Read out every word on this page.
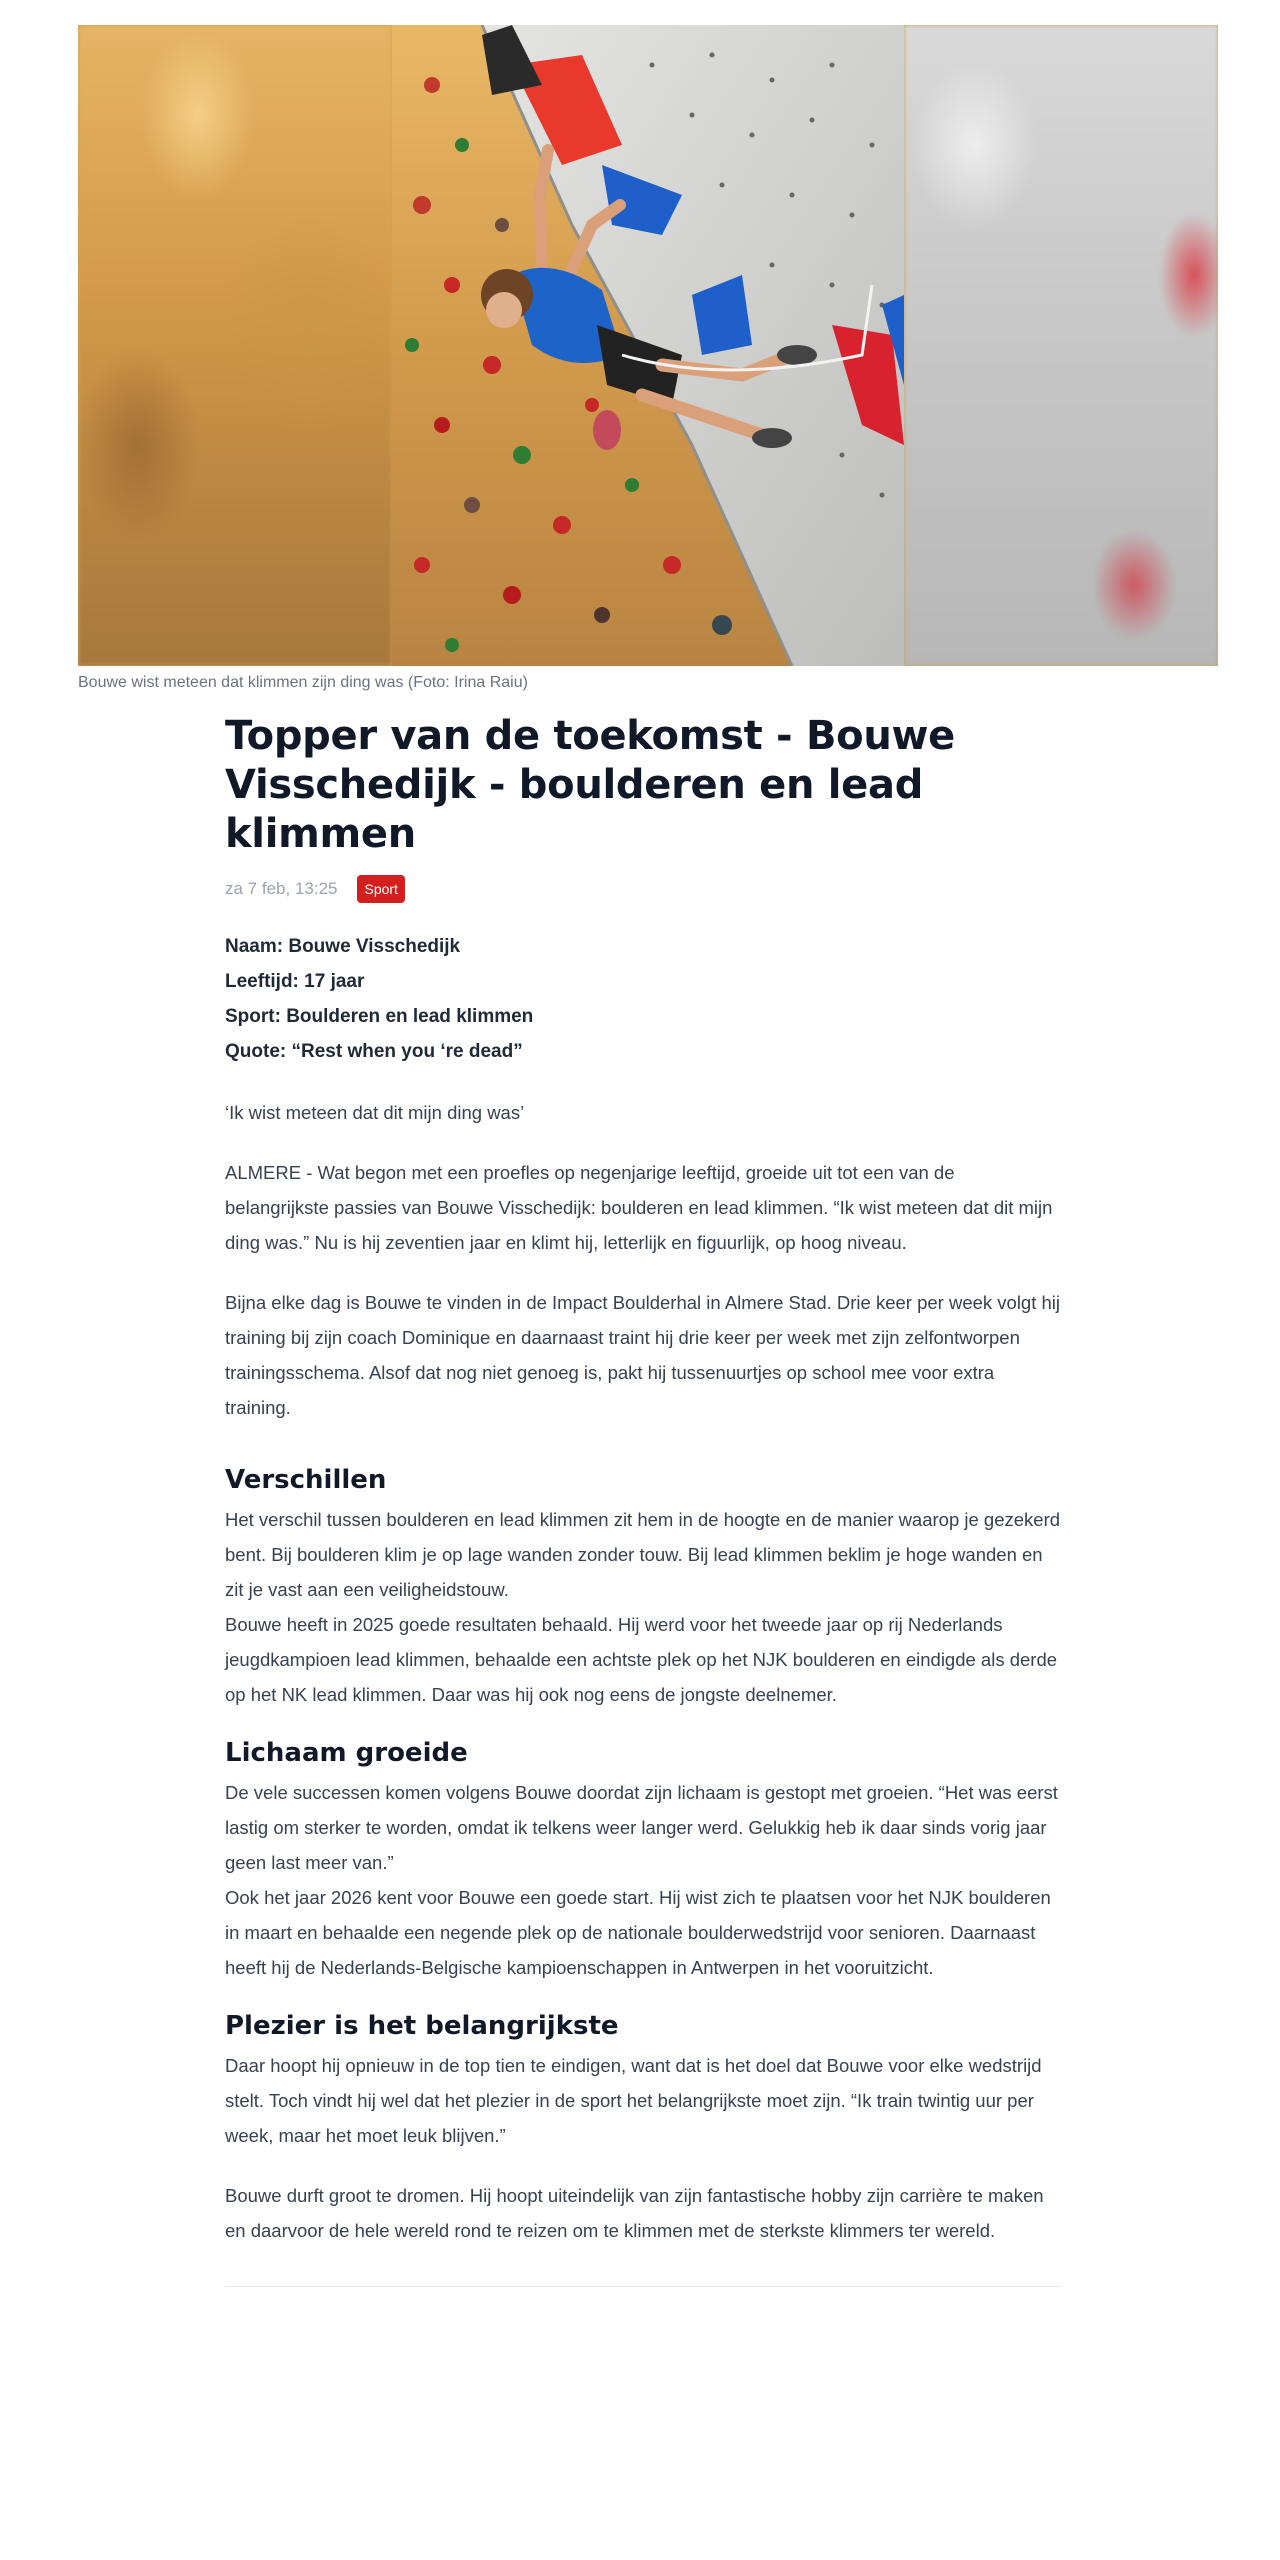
Bouwe wist meteen dat klimmen zijn ding was (Foto: Irina Raiu)

Topper van de toekomst - Bouwe Visschedijk - boulderen en lead klimmen
za 7 feb, 13:25	Sport

Naam: Bouwe Visschedijk

Leeftijd: 17 jaar

Sport: Boulderen en lead klimmen

Quote: “Rest when you ‘re dead”

‘Ik wist meteen dat dit mijn ding was’

ALMERE - Wat begon met een proefles op negenjarige leeftijd, groeide uit tot een van de belangrijkste passies van Bouwe Visschedijk: boulderen en lead klimmen. “Ik wist meteen dat dit mijn ding was.” Nu is hij zeventien jaar en klimt hij, letterlijk en figuurlijk, op hoog niveau.

Bijna elke dag is Bouwe te vinden in de Impact Boulderhal in Almere Stad. Drie keer per week volgt hij training bij zijn coach Dominique en daarnaast traint hij drie keer per week met zijn zelfontworpen trainingsschema. Alsof dat nog niet genoeg is, pakt hij tussenuurtjes op school mee voor extra training.

Verschillen

Het verschil tussen boulderen en lead klimmen zit hem in de hoogte en de manier waarop je gezekerd bent. Bij boulderen klim je op lage wanden zonder touw. Bij lead klimmen beklim je hoge wanden en zit je vast aan een veiligheidstouw.

Bouwe heeft in 2025 goede resultaten behaald. Hij werd voor het tweede jaar op rij Nederlands jeugdkampioen lead klimmen, behaalde een achtste plek op het NJK boulderen en eindigde als derde op het NK lead klimmen. Daar was hij ook nog eens de jongste deelnemer.

Lichaam groeide

De vele successen komen volgens Bouwe doordat zijn lichaam is gestopt met groeien. “Het was eerst lastig om sterker te worden, omdat ik telkens weer langer werd. Gelukkig heb ik daar sinds vorig jaar geen last meer van.”

Ook het jaar 2026 kent voor Bouwe een goede start. Hij wist zich te plaatsen voor het NJK boulderen in maart en behaalde een negende plek op de nationale boulderwedstrijd voor senioren. Daarnaast heeft hij de Nederlands-Belgische kampioenschappen in Antwerpen in het vooruitzicht.

Plezier is het belangrijkste

Daar hoopt hij opnieuw in de top tien te eindigen, want dat is het doel dat Bouwe voor elke wedstrijd stelt. Toch vindt hij wel dat het plezier in de sport het belangrijkste moet zijn. “Ik train twintig uur per week, maar het moet leuk blijven.”

Bouwe durft groot te dromen. Hij hoopt uiteindelijk van zijn fantastische hobby zijn carrière te maken en daarvoor de hele wereld rond te reizen om te klimmen met de sterkste klimmers ter wereld.
